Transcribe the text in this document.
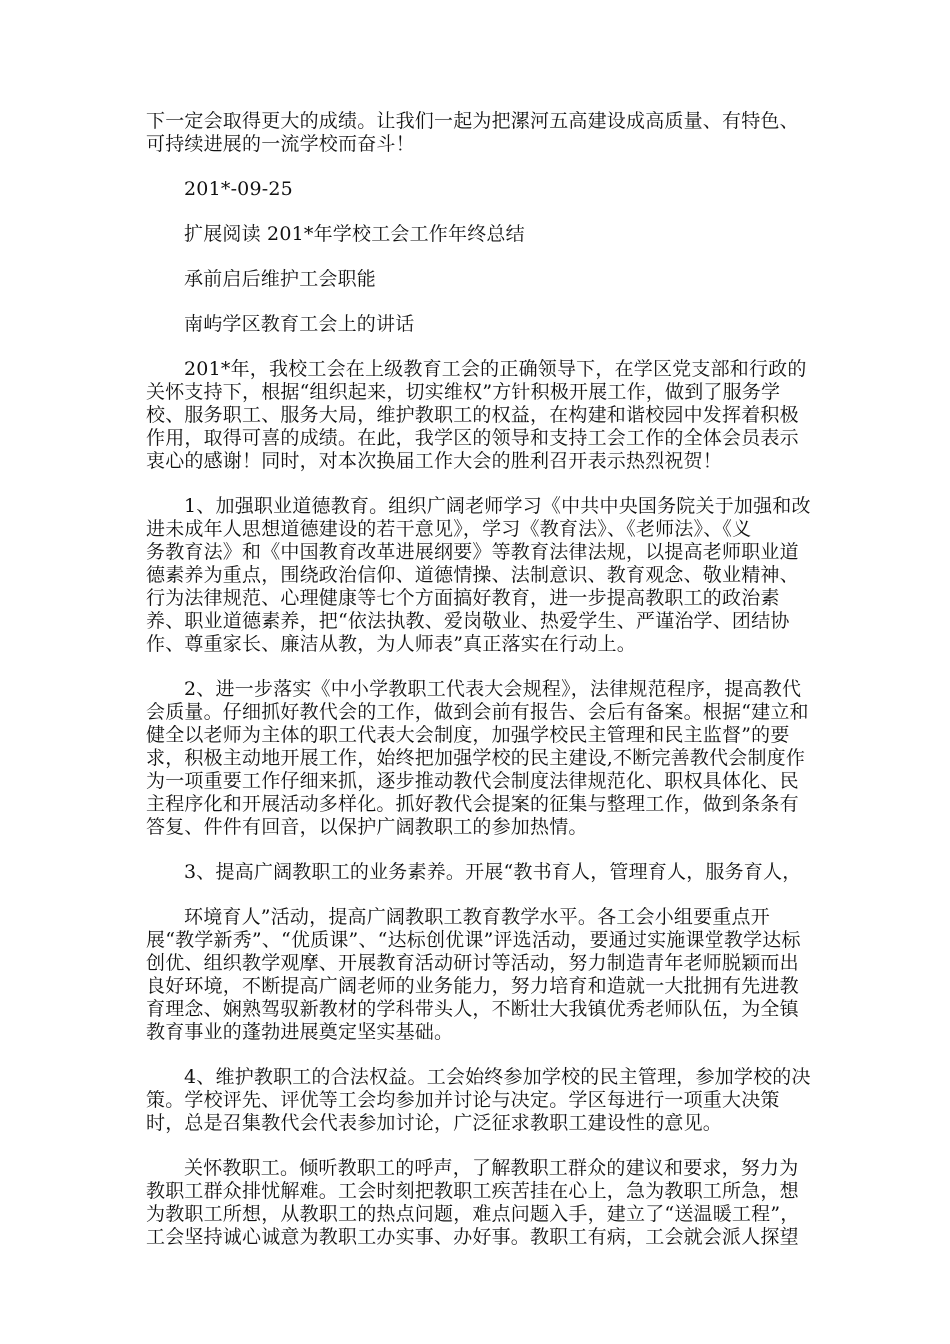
下一定会取得更大的成绩。让我们一起为把漯河五高建设成高质量、有特色、
可持续进展的一流学校而奋斗！
201*-09-25
扩展阅读 201*年学校工会工作年终总结
承前启后维护工会职能
南屿学区教育工会上的讲话
201*年，我校工会在上级教育工会的正确领导下，在学区党支部和行政的
关怀支持下，根据“组织起来，切实维权”方针积极开展工作，做到了服务学
校、服务职工、服务大局，维护教职工的权益，在构建和谐校园中发挥着积极
作用，取得可喜的成绩。在此，我学区的领导和支持工会工作的全体会员表示
衷心的感谢！同时，对本次换届工作大会的胜利召开表示热烈祝贺！
1、加强职业道德教育。组织广阔老师学习《中共中央国务院关于加强和改
进未成年人思想道德建设的若干意见》，学习《教育法》、《老师法》、《义
务教育法》和《中国教育改革进展纲要》等教育法律法规，以提高老师职业道
德素养为重点，围绕政治信仰、道德情操、法制意识、教育观念、敬业精神、
行为法律规范、心理健康等七个方面搞好教育，进一步提高教职工的政治素
养、职业道德素养，把“依法执教、爱岗敬业、热爱学生、严谨治学、团结协
作、尊重家长、廉洁从教，为人师表”真正落实在行动上。
2、进一步落实《中小学教职工代表大会规程》，法律规范程序，提高教代
会质量。仔细抓好教代会的工作，做到会前有报告、会后有备案。根据“建立和
健全以老师为主体的职工代表大会制度，加强学校民主管理和民主监督”的要
求，积极主动地开展工作，始终把加强学校的民主建设,不断完善教代会制度作
为一项重要工作仔细来抓，逐步推动教代会制度法律规范化、职权具体化、民
主程序化和开展活动多样化。抓好教代会提案的征集与整理工作，做到条条有
答复、件件有回音，以保护广阔教职工的参加热情。
3、提高广阔教职工的业务素养。开展“教书育人，管理育人，服务育人，
环境育人”活动，提高广阔教职工教育教学水平。各工会小组要重点开
展“教学新秀”、“优质课”、“达标创优课”评选活动，要通过实施课堂教学达标
创优、组织教学观摩、开展教育活动研讨等活动，努力制造青年老师脱颖而出
良好环境，不断提高广阔老师的业务能力，努力培育和造就一大批拥有先进教
育理念、娴熟驾驭新教材的学科带头人，不断壮大我镇优秀老师队伍，为全镇
教育事业的蓬勃进展奠定坚实基础。
4、维护教职工的合法权益。工会始终参加学校的民主管理，参加学校的决
策。学校评先、评优等工会均参加并讨论与决定。学区每进行一项重大决策
时，总是召集教代会代表参加讨论，广泛征求教职工建设性的意见。
关怀教职工。倾听教职工的呼声，了解教职工群众的建议和要求，努力为
教职工群众排忧解难。工会时刻把教职工疾苦挂在心上，急为教职工所急，想
为教职工所想，从教职工的热点问题，难点问题入手，建立了“送温暖工程”，
工会坚持诚心诚意为教职工办实事、办好事。教职工有病，工会就会派人探望
